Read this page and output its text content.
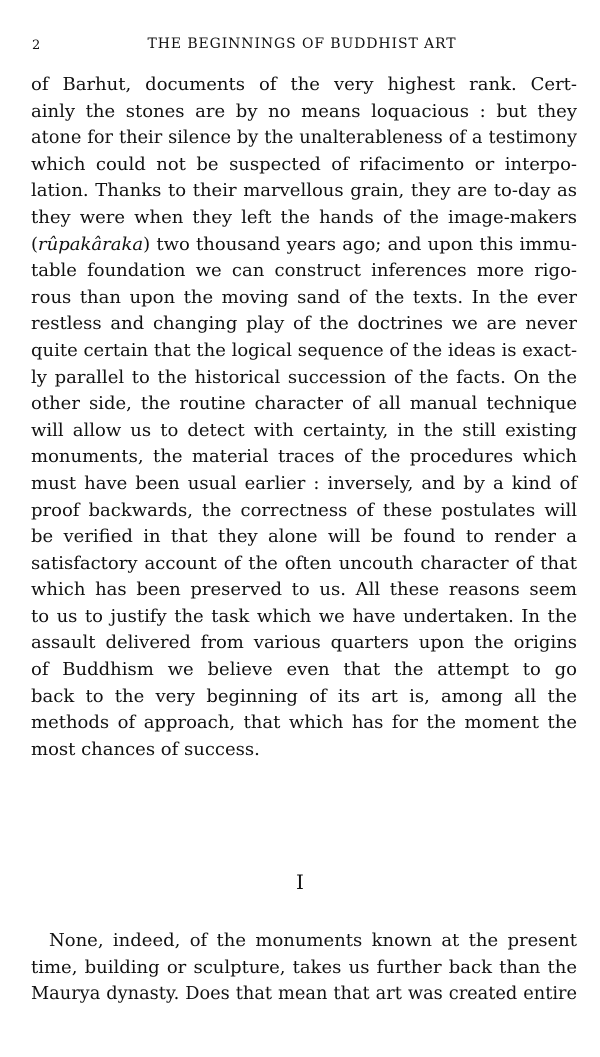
2	THE BEGINNINGS OF BUDDHIST ART
of Barhut, documents of the very highest rank. Cert-
ainly the stones are by no means loquacious : but they
atone for their silence by the unalterableness of a testimony
which could not be suspected of rifacimento or interpo-
lation. Thanks to their marvellous grain, they are to-day as
they were when they left the hands of the image-makers
(rûpakâraka) two thousand years ago; and upon this immu-
table foundation we can construct inferences more rigo-
rous than upon the moving sand of the texts. In the ever
restless and changing play of the doctrines we are never
quite certain that the logical sequence of the ideas is exact-
ly parallel to the historical succession of the facts. On the
other side, the routine character of all manual technique
will allow us to detect with certainty, in the still existing
monuments, the material traces of the procedures which
must have been usual earlier : inversely, and by a kind of
proof backwards, the correctness of these postulates will
be verified in that they alone will be found to render a
satisfactory account of the often uncouth character of that
which has been preserved to us. All these reasons seem
to us to justify the task which we have undertaken. In the
assault delivered from various quarters upon the origins
of Buddhism we believe even that the attempt to go
back to the very beginning of its art is, among all the
methods of approach, that which has for the moment the
most chances of success.
I
None, indeed, of the monuments known at the present
time, building or sculpture, takes us further back than the
Maurya dynasty. Does that mean that art was created entire
